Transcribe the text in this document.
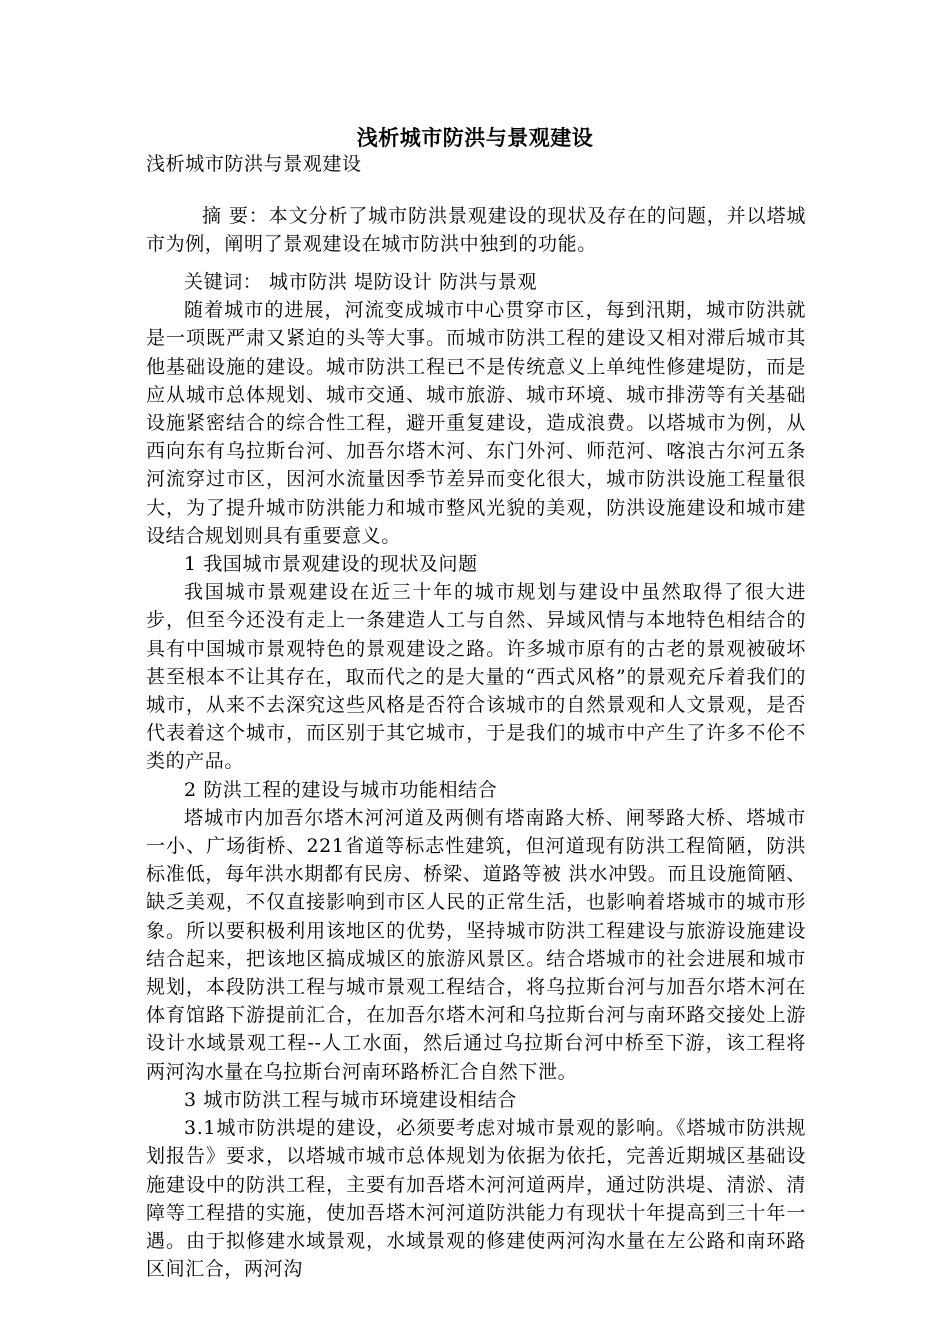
浅析城市防洪与景观建设
浅析城市防洪与景观建设
摘 要：本文分析了城市防洪景观建设的现状及存在的问题，并以塔城市为例，阐明了景观建设在城市防洪中独到的功能。

关键词： 城市防洪 堤防设计 防洪与景观

随着城市的进展，河流变成城市中心贯穿市区，每到汛期，城市防洪就是一项既严肃又紧迫的头等大事。而城市防洪工程的建设又相对滞后城市其他基础设施的建设。城市防洪工程已不是传统意义上单纯性修建堤防，而是应从城市总体规划、城市交通、城市旅游、城市环境、城市排涝等有关基础设施紧密结合的综合性工程，避开重复建设，造成浪费。以塔城市为例，从西向东有乌拉斯台河、加吾尔塔木河、东门外河、师范河、喀浪古尔河五条河流穿过市区，因河水流量因季节差异而变化很大，城市防洪设施工程量很大，为了提升城市防洪能力和城市整风光貌的美观，防洪设施建设和城市建设结合规划则具有重要意义。

1 我国城市景观建设的现状及问题

我国城市景观建设在近三十年的城市规划与建设中虽然取得了很大进步，但至今还没有走上一条建造人工与自然、异域风情与本地特色相结合的具有中国城市景观特色的景观建设之路。许多城市原有的古老的景观被破坏甚至根本不让其存在，取而代之的是大量的“西式风格”的景观充斥着我们的城市，从来不去深究这些风格是否符合该城市的自然景观和人文景观，是否代表着这个城市，而区别于其它城市，于是我们的城市中产生了许多不伦不类的产品。

2 防洪工程的建设与城市功能相结合

塔城市内加吾尔塔木河河道及两侧有塔南路大桥、闸琴路大桥、塔城市一小、广场街桥、221省道等标志性建筑，但河道现有防洪工程简陋，防洪标准低，每年洪水期都有民房、桥梁、道路等被 洪水冲毁。而且设施简陋、缺乏美观，不仅直接影响到市区人民的正常生活，也影响着塔城市的城市形象。所以要积极利用该地区的优势，坚持城市防洪工程建设与旅游设施建设结合起来，把该地区搞成城区的旅游风景区。结合塔城市的社会进展和城市规划，本段防洪工程与城市景观工程结合，将乌拉斯台河与加吾尔塔木河在体育馆路下游提前汇合，在加吾尔塔木河和乌拉斯台河与南环路交接处上游设计水域景观工程--人工水面，然后通过乌拉斯台河中桥至下游，该工程将两河沟水量在乌拉斯台河南环路桥汇合自然下泄。

3 城市防洪工程与城市环境建设相结合

3.1城市防洪堤的建设，必须要考虑对城市景观的影响。《塔城市防洪规划报告》要求，以塔城市城市总体规划为依据为依托，完善近期城区基础设施建设中的防洪工程，主要有加吾塔木河河道两岸，通过防洪堤、清淤、清障等工程措的实施，使加吾塔木河河道防洪能力有现状十年提高到三十年一遇。由于拟修建水域景观，水域景观的修建使两河沟水量在左公路和南环路区间汇合，两河沟
